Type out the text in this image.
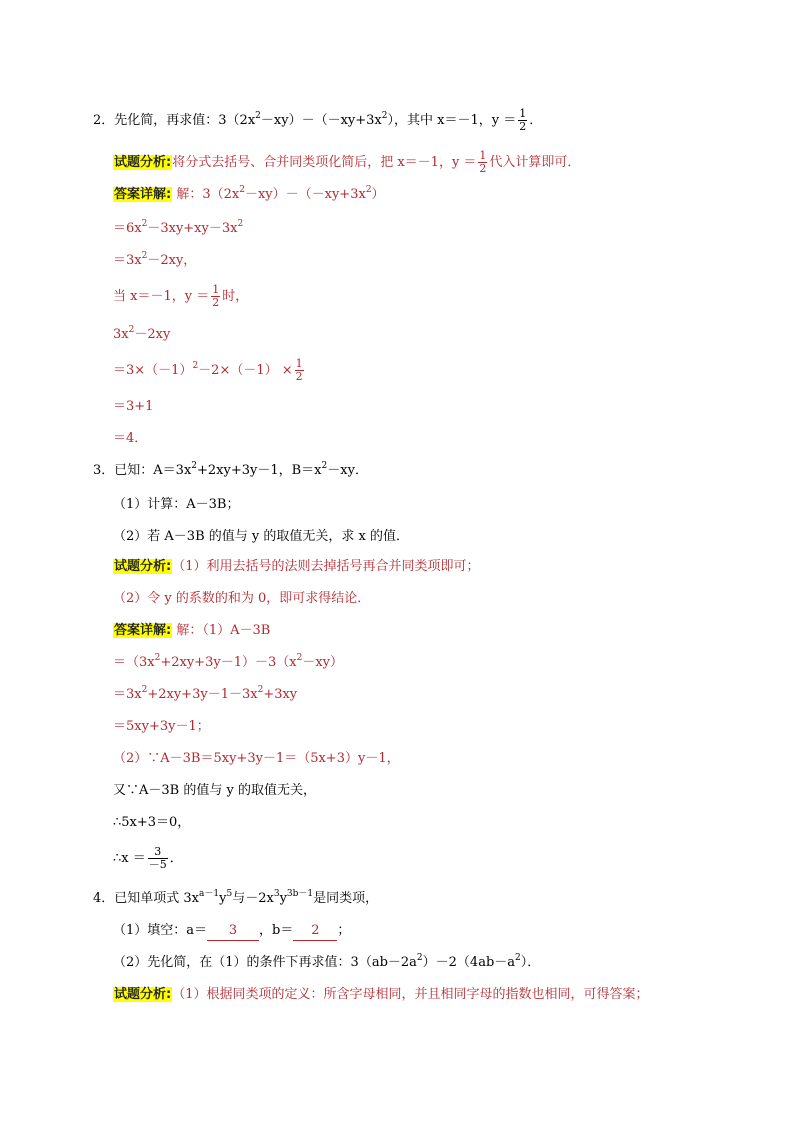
2．先化简，再求值：$3(2x^2-xy)-(-xy+3x^2)$，其中 x＝－1，$y = \frac{1}{2}$ ．
试题分析:将分式去括号、合并同类项化简后，把 x＝－1，$y = \frac{1}{2}$ 代入计算即可．
答案详解: 解：$3(2x^2-xy)-(-xy+3x^2)$
$=6x^2-3xy+xy-3x^2$
$=3x^2-2xy$，
当 x＝－1，$y = \frac{1}{2}$ 时，
$3x^2-2xy$
$=3\times(-1)^2-2\times(-1) \times \frac{1}{2}$
＝3+1
＝4．
3．已知：$A=3x^2+2xy+3y-1$，$B=x^2-xy$．
（1）计算：A－3B；
（2）若 A－3B 的值与 y 的取值无关，求 x 的值．
试题分析:（1）利用去括号的法则去掉括号再合并同类项即可；
（2）令 y 的系数的和为 0，即可求得结论．
答案详解: 解：（1）A－3B
$=(3x^2+2xy+3y-1)-3(x^2-xy)$
$=3x^2+2xy+3y-1-3x^2+3xy$
＝5xy+3y－1；
（2）∵A－3B＝5xy+3y－1＝（5x+3）y－1，
又∵A－3B 的值与 y 的取值无关，
∴5x+3＝0，
∴x ＝ $\frac{3}{-5}$ ．
4．已知单项式 $3x^{a-1}y^5$与$-2x^3y^{3b-1}$是同类项，
（1）填空：a＝ 3 ，b＝ 2 ；
（2）先化简，在（1）的条件下再求值：$3(ab-2a^2)-2(4ab-a^2)$．
试题分析:（1）根据同类项的定义：所含字母相同，并且相同字母的指数也相同，可得答案；
